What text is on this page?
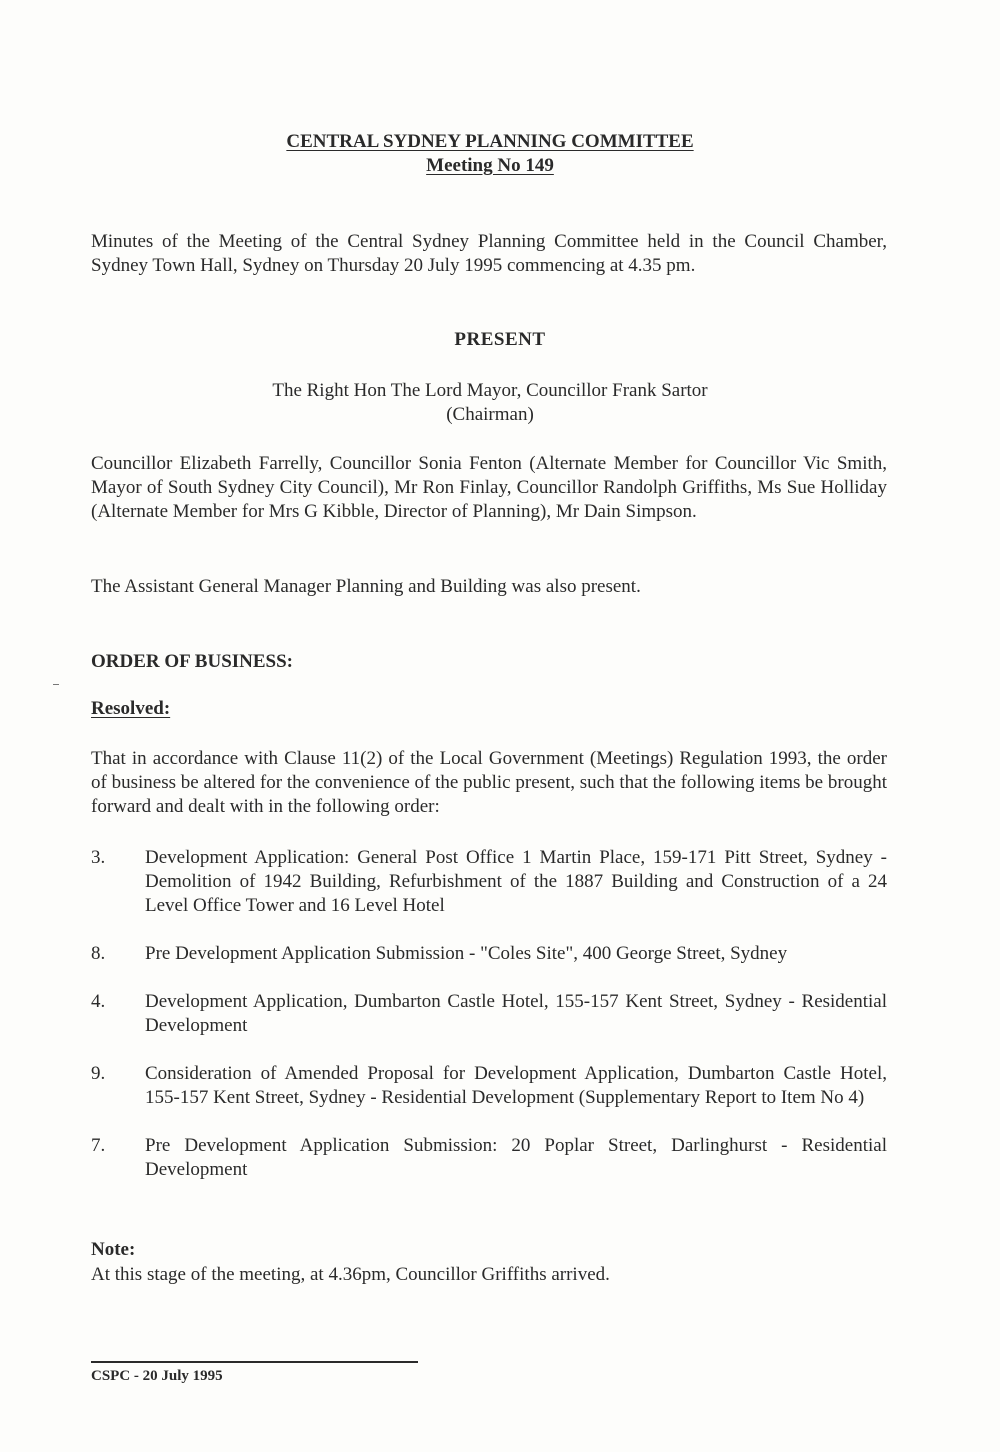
CENTRAL SYDNEY PLANNING COMMITTEE
Meeting No 149
Minutes of the Meeting of the Central Sydney Planning Committee held in the Council Chamber, Sydney Town Hall, Sydney on Thursday 20 July 1995 commencing at 4.35 pm.
PRESENT
The Right Hon The Lord Mayor, Councillor Frank Sartor
(Chairman)
Councillor Elizabeth Farrelly, Councillor Sonia Fenton (Alternate Member for Councillor Vic Smith, Mayor of South Sydney City Council), Mr Ron Finlay, Councillor Randolph Griffiths, Ms Sue Holliday (Alternate Member for Mrs G Kibble, Director of Planning), Mr Dain Simpson.
The Assistant General Manager Planning and Building was also present.
ORDER OF BUSINESS:
Resolved:
That in accordance with Clause 11(2) of the Local Government (Meetings) Regulation 1993, the order of business be altered for the convenience of the public present, such that the following items be brought forward and dealt with in the following order:
3.	Development Application: General Post Office 1 Martin Place, 159-171 Pitt Street, Sydney - Demolition of 1942 Building, Refurbishment of the 1887 Building and Construction of a 24 Level Office Tower and 16 Level Hotel
8.	Pre Development Application Submission - "Coles Site", 400 George Street, Sydney
4.	Development Application, Dumbarton Castle Hotel, 155-157 Kent Street, Sydney - Residential Development
9.	Consideration of Amended Proposal for Development Application, Dumbarton Castle Hotel, 155-157 Kent Street, Sydney - Residential Development (Supplementary Report to Item No 4)
7.	Pre Development Application Submission: 20 Poplar Street, Darlinghurst - Residential Development
Note:
At this stage of the meeting, at 4.36pm, Councillor Griffiths arrived.
CSPC - 20 July 1995
